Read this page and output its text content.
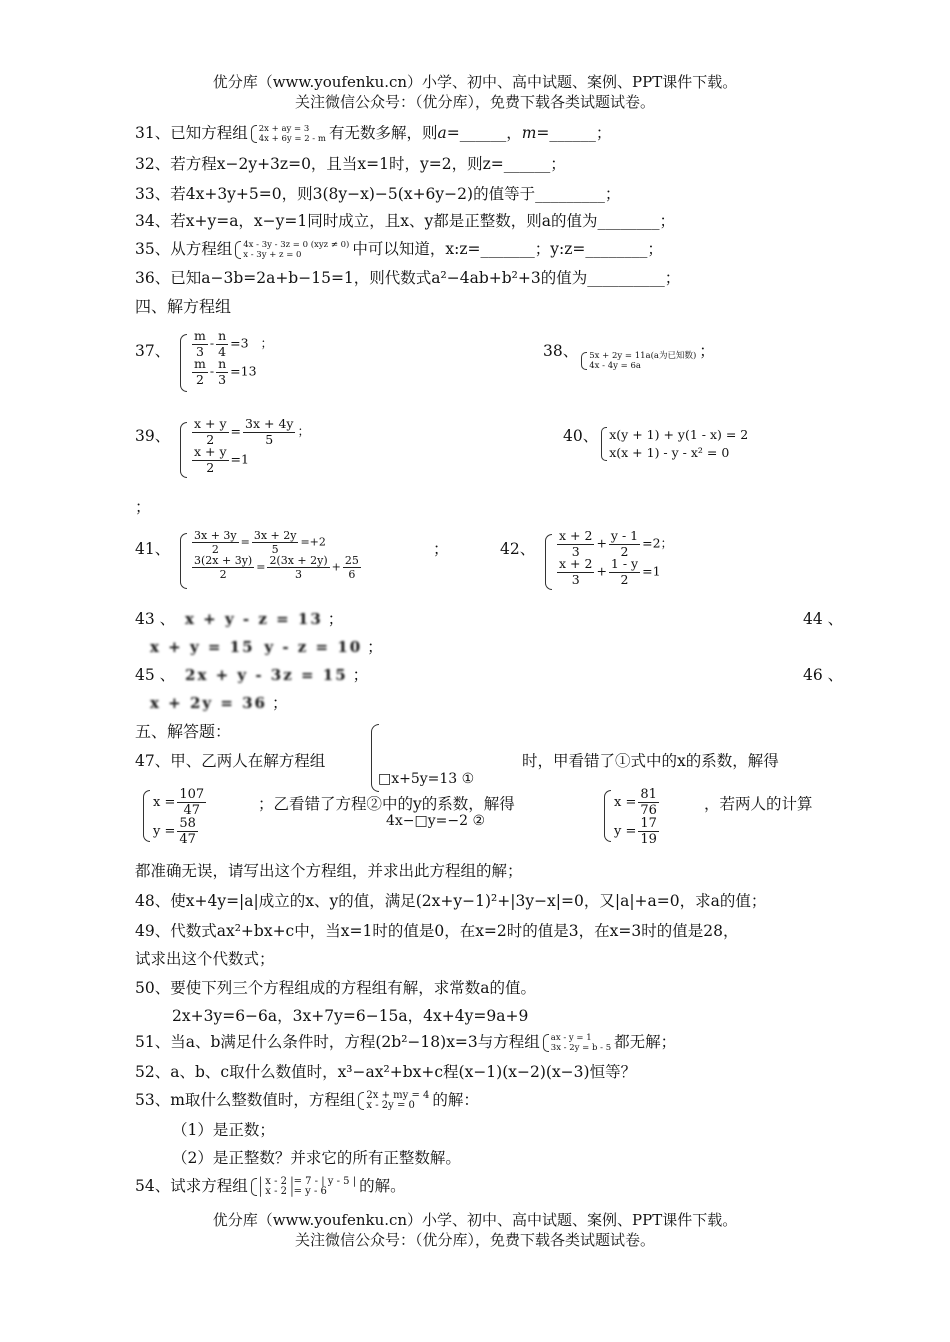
优分库（www.youfenku.cn）小学、初中、高中试题、案例、PPT课件下载。
关注微信公众号：（优分库），免费下载各类试题试卷。
31、已知方程组 2x + ay = 3
4x + 6y = 2 - m 有无数多解，则a=______，m=______；
32、若方程x−2y+3z=0，且当x=1时，y=2，则z=______；
33、若4x+3y+5=0，则3(8y−x)−5(x+6y−2)的值等于_________；
34、若x+y=a，x−y=1同时成立，且x、y都是正整数，则a的值为________；
35、从方程组 4x - 3y - 3z = 0 (xyz ≠ 0)
x - 3y + z = 0	中可以知道，x:z=_______；y:z=________；
36、已知a−3b=2a+b−15=1，则代数式a²−4ab+b²+3的值为__________；
四、解方程组
37、 $\frac{m}{3} - \frac{n}{4} =3$ ；
$\frac{m}{2} - \frac{n}{3} =13$
38、 5x + 2y = 11a(a为已知数)
4x - 4y = 6a
；
39、 $\frac{x + y}{2} = \frac{3x + 4y}{5}$ ；
$\frac{x + y}{2} =1$
40、 x(y + 1) + y(1 - x) = 2
x(x + 1) - y - x² = 0
；
41、 $\frac{3x + 3y}{2} = \frac{3x + 2y}{5} =+2$
$\frac{3(2x + 3y)}{2} = \frac{2(3x + 2y)}{3} + \frac{25}{6}$
；	42、 $\frac{x + 2}{3} + \frac{y - 1}{2} =2$；
$\frac{x + 2}{3} + \frac{1 - y}{2} =1$
43 、 x + y - z = 13 ；	44 、
x + y = 15 y - z = 10 ；
45 、 2x + y - 3z = 15 ；	46 、
x + 2y = 36 ；
五、解答题：
47、甲、乙两人在解方程组	时，甲看错了①式中的x的系数，解得
□x+5y=13 ①
$x = \frac{107}{47}$
$y = \frac{58}{47}$
；乙看错了方程②中的y的系数，解得
4x−□y=−2 ②
$x = \frac{81}{76}$
$y = \frac{17}{19}$
，若两人的计算
都准确无误，请写出这个方程组，并求出此方程组的解；
48、使x+4y=|a|成立的x、y的值，满足(2x+y−1)²+|3y−x|=0，又|a|+a=0，求a的值；
49、代数式ax²+bx+c中，当x=1时的值是0，在x=2时的值是3，在x=3时的值是28，
试求出这个代数式；
50、要使下列三个方程组成的方程组有解，求常数a的值。
2x+3y=6−6a，3x+7y=6−15a，4x+4y=9a+9
51、当a、b满足什么条件时，方程(2b²−18)x=3与方程组 ax - y = 1
3x - 2y = b - 5 都无解；
52、a、b、c取什么数值时，x³−ax²+bx+c程(x−1)(x−2)(x−3)恒等？
53、m取什么整数值时，方程组 2x + my = 4
x - 2y = 0	的解：
（1）是正数；
（2）是正整数？并求它的所有正整数解。
54、试求方程组 | x - 2 |= 7 - | y - 5 |
| x - 2 |= y - 6	的解。
优分库（www.youfenku.cn）小学、初中、高中试题、案例、PPT课件下载。
关注微信公众号：（优分库），免费下载各类试题试卷。
